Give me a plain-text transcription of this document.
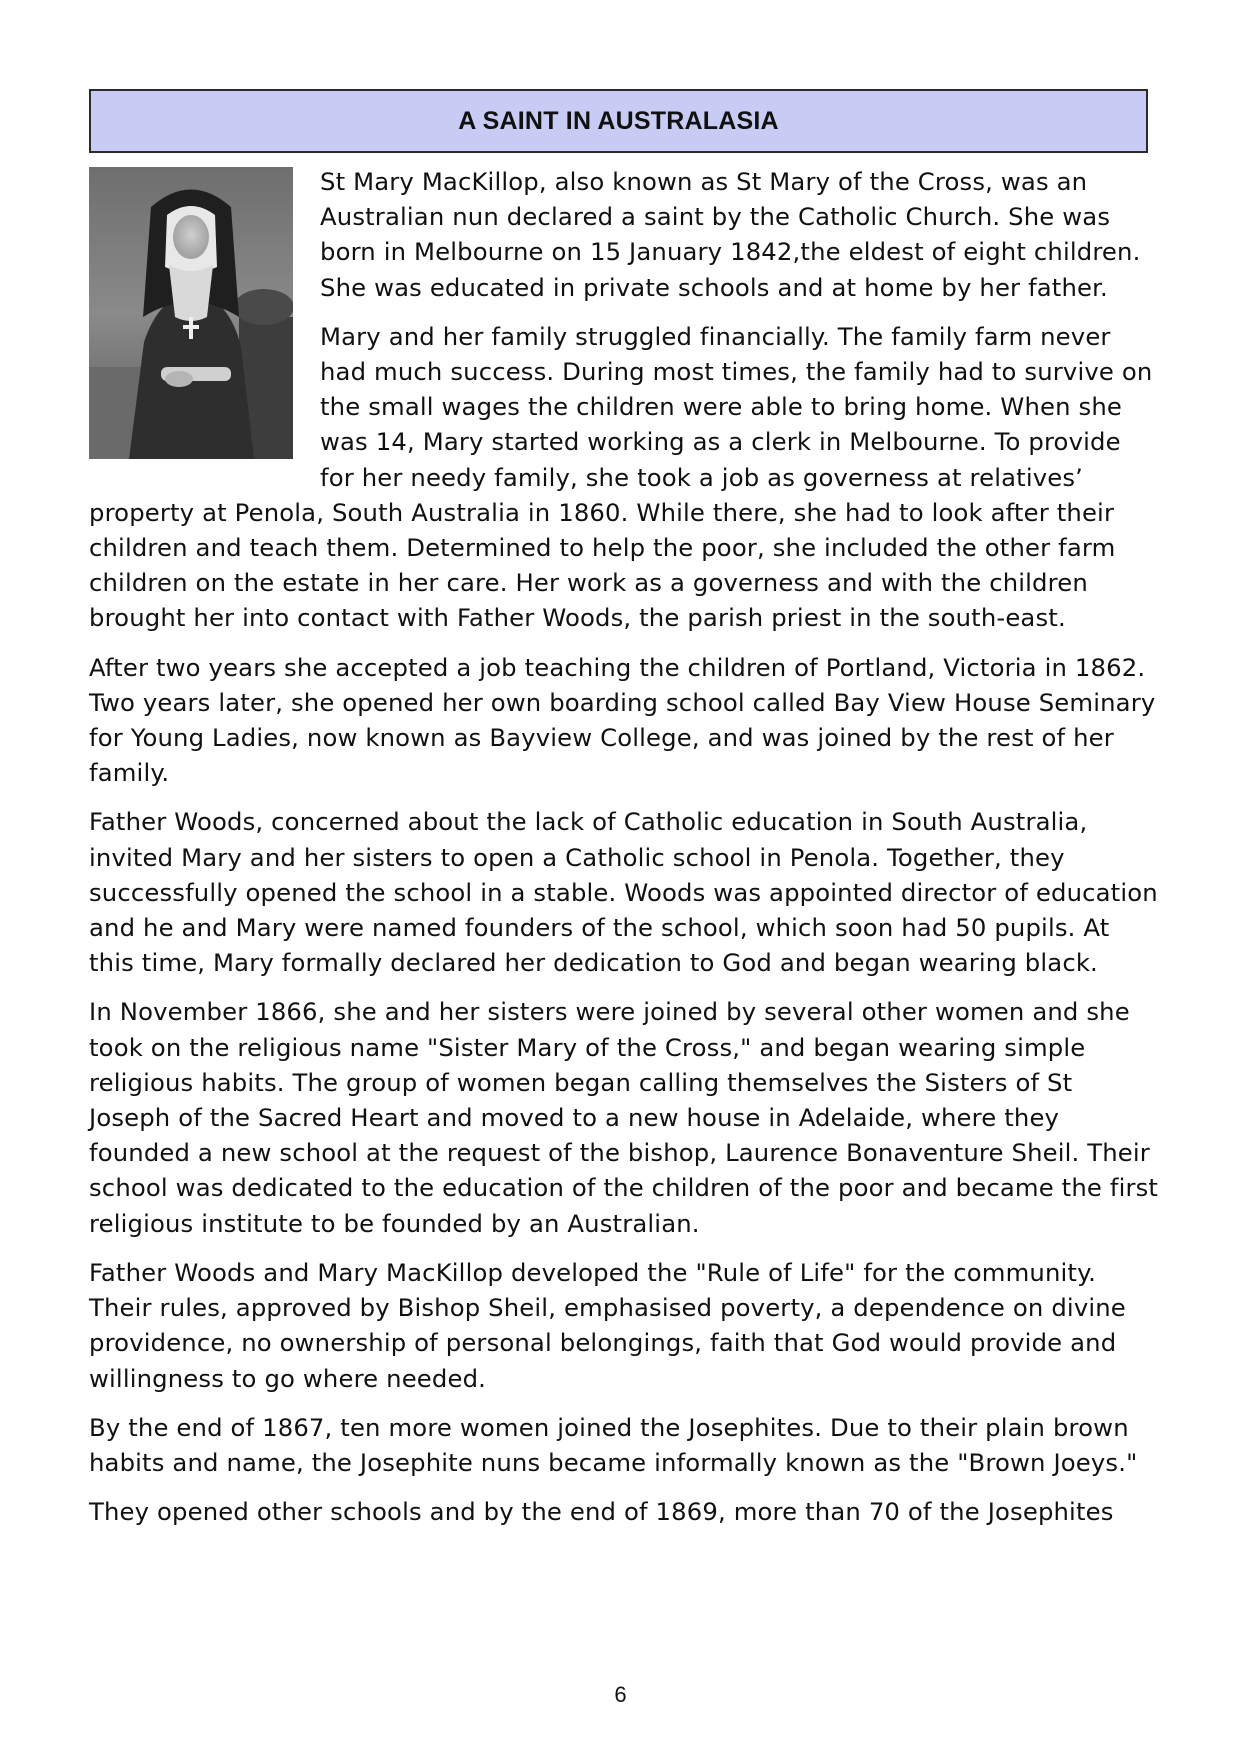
A SAINT IN AUSTRALASIA

St Mary MacKillop, also known as St Mary of the Cross, was an Australian nun declared a saint by the Catholic Church. She was born in Melbourne on 15 January 1842,the eldest of eight children. She was educated in private schools and at home by her father.

Mary and her family struggled financially. The family farm never had much success. During most times, the family had to survive on the small wages the children were able to bring home. When she was 14, Mary started working as a clerk in Melbourne. To provide for her needy family, she took a job as governess at relatives’ property at Penola, South Australia in 1860. While there, she had to look after their children and teach them. Determined to help the poor, she included the other farm children on the estate in her care. Her work as a governess and with the children brought her into contact with Father Woods, the parish priest in the south-east.

After two years she accepted a job teaching the children of Portland, Victoria in 1862. Two years later, she opened her own boarding school called Bay View House Seminary for Young Ladies, now known as Bayview College, and was joined by the rest of her family.

Father Woods, concerned about the lack of Catholic education in South Australia, invited Mary and her sisters to open a Catholic school in Penola. Together, they successfully opened the school in a stable. Woods was appointed director of education and he and Mary were named founders of the school, which soon had 50 pupils. At this time, Mary formally declared her dedication to God and began wearing black.

In November 1866, she and her sisters were joined by several other women and she took on the religious name "Sister Mary of the Cross," and began wearing simple religious habits. The group of women began calling themselves the Sisters of St Joseph of the Sacred Heart and moved to a new house in Adelaide, where they founded a new school at the request of the bishop, Laurence Bonaventure Sheil. Their school was dedicated to the education of the children of the poor and became the first religious institute to be founded by an Australian.

Father Woods and Mary MacKillop developed the "Rule of Life" for the community. Their rules, approved by Bishop Sheil, emphasised poverty, a dependence on divine providence, no ownership of personal belongings, faith that God would provide and willingness to go where needed.

By the end of 1867, ten more women joined the Josephites. Due to their plain brown habits and name, the Josephite nuns became informally known as the "Brown Joeys."

They opened other schools and by the end of 1869, more than 70 of the Josephites

6
